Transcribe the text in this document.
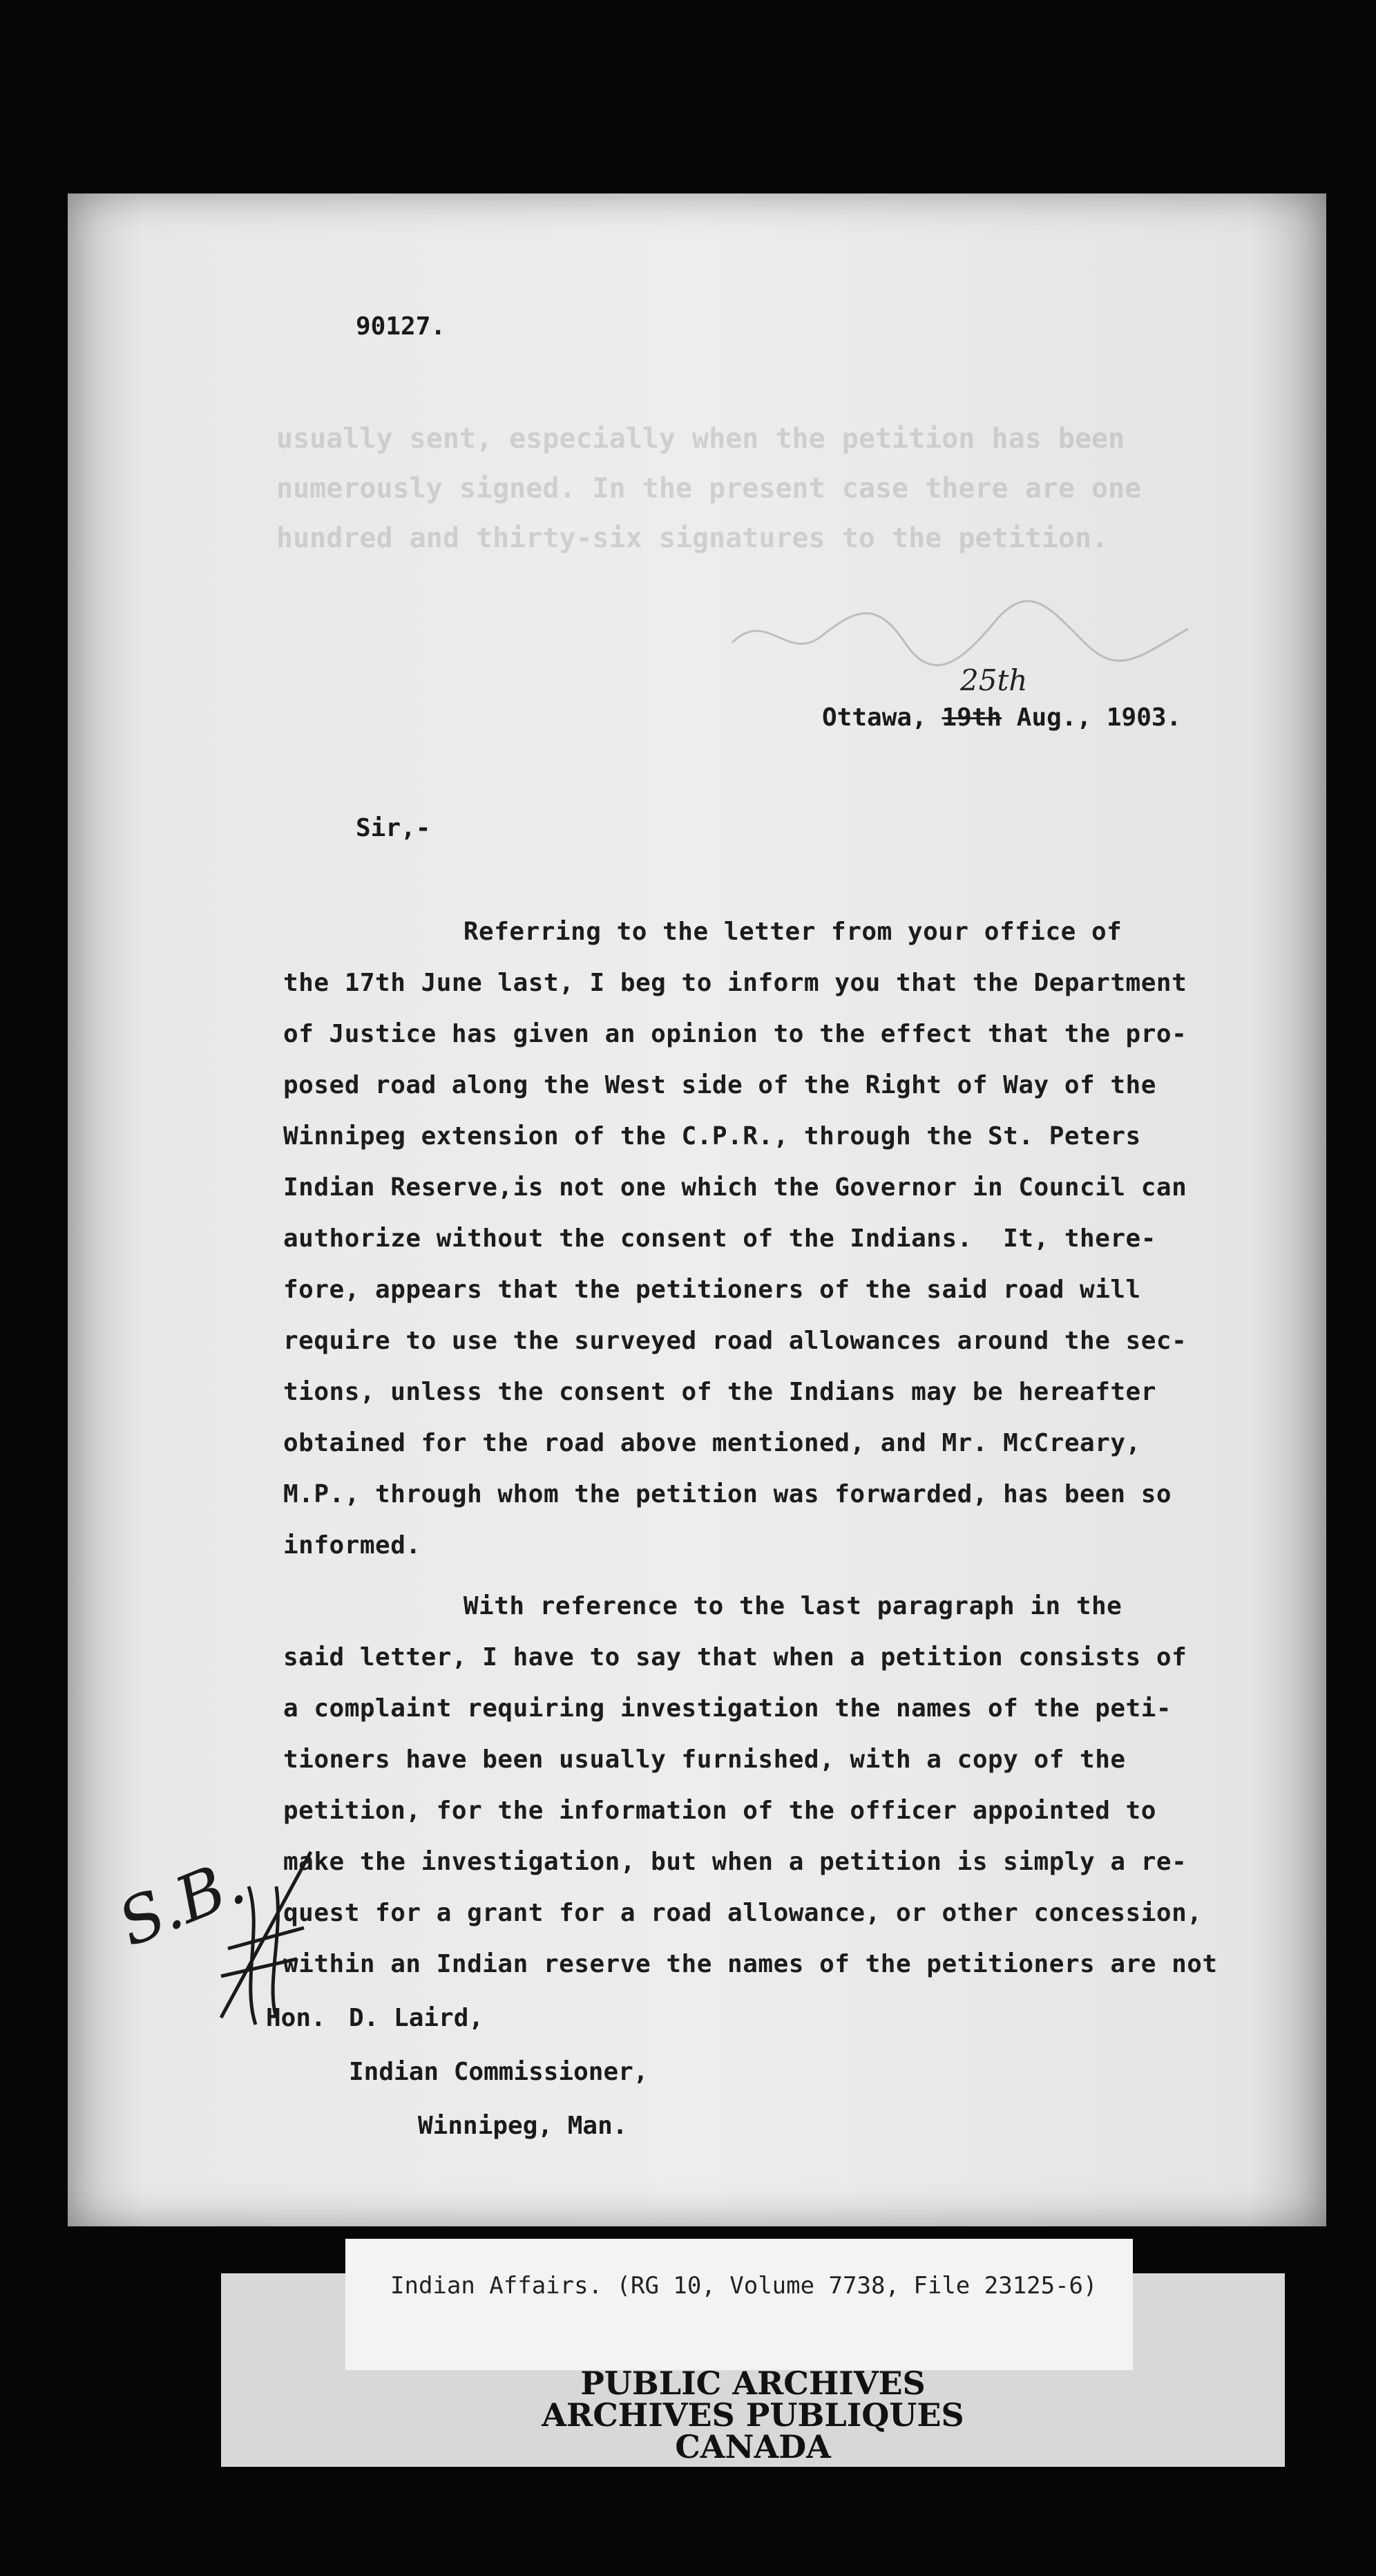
90127.
usually sent, especially when the petition has been
numerously signed. In the present case there are one
hundred and thirty-six signatures to the petition.
Ottawa, 19th Aug., 1903.
25th
Sir,-
Referring to the letter from your office of
the 17th June last, I beg to inform you that the Department
of Justice has given an opinion to the effect that the pro-
posed road along the West side of the Right of Way of the
Winnipeg extension of the C.P.R., through the St. Peters
Indian Reserve,is not one which the Governor in Council can
authorize without the consent of the Indians.  It, there-
fore, appears that the petitioners of the said road will
require to use the surveyed road allowances around the sec-
tions, unless the consent of the Indians may be hereafter
obtained for the road above mentioned, and Mr. McCreary,
M.P., through whom the petition was forwarded, has been so
informed.
With reference to the last paragraph in the
said letter, I have to say that when a petition consists of
a complaint requiring investigation the names of the peti-
tioners have been usually furnished, with a copy of the
petition, for the information of the officer appointed to
make the investigation, but when a petition is simply a re-
quest for a grant for a road allowance, or other concession,
within an Indian reserve the names of the petitioners are not
S.B.
Hon. D. Laird,
Indian Commissioner,
Winnipeg, Man.
Indian Affairs. (RG 10, Volume 7738, File 23125-6)
PUBLIC ARCHIVES
ARCHIVES PUBLIQUES
CANADA
